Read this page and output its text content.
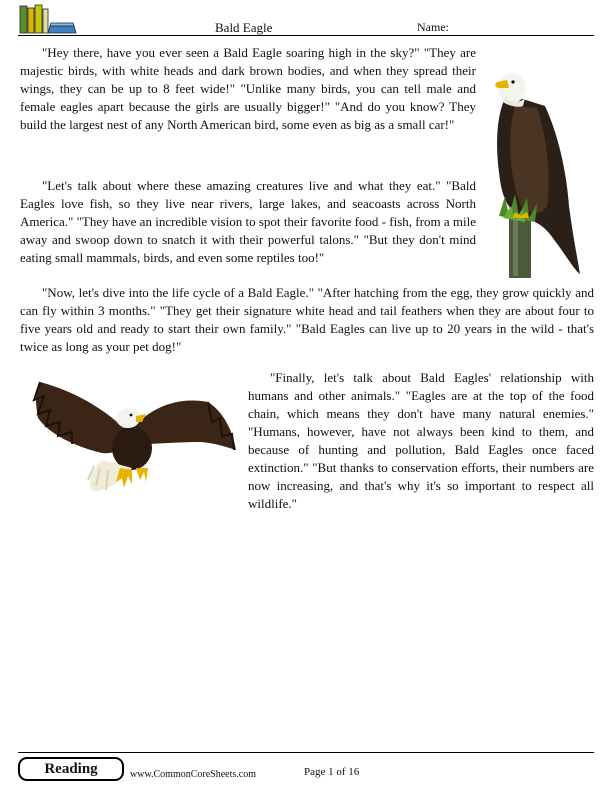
Bald Eagle	Name:

"Hey there, have you ever seen a Bald Eagle soaring high in the sky?" "They are majestic birds, with white heads and dark brown bodies, and when they spread their wings, they can be up to 8 feet wide!" "Unlike many birds, you can tell male and female eagles apart because the girls are usually bigger!" "And do you know? They build the largest nest of any North American bird, some even as big as a small car!"

"Let's talk about where these amazing creatures live and what they eat." "Bald Eagles love fish, so they live near rivers, large lakes, and seacoasts across North America." "They have an incredible vision to spot their favorite food - fish, from a mile away and swoop down to snatch it with their powerful talons." "But they don't mind eating small mammals, birds, and even some reptiles too!"

"Now, let's dive into the life cycle of a Bald Eagle." "After hatching from the egg, they grow quickly and can fly within 3 months." "They get their signature white head and tail feathers when they are about four to five years old and ready to start their own family." "Bald Eagles can live up to 20 years in the wild - that's twice as long as your pet dog!"

"Finally, let's talk about Bald Eagles' relationship with humans and other animals." "Eagles are at the top of the food chain, which means they don't have many natural enemies." "Humans, however, have not always been kind to them, and because of hunting and pollution, Bald Eagles once faced extinction." "But thanks to conservation efforts, their numbers are now increasing, and that's why it's so important to respect all wildlife."

Reading	www.CommonCoreSheets.com	Page 1 of 16
